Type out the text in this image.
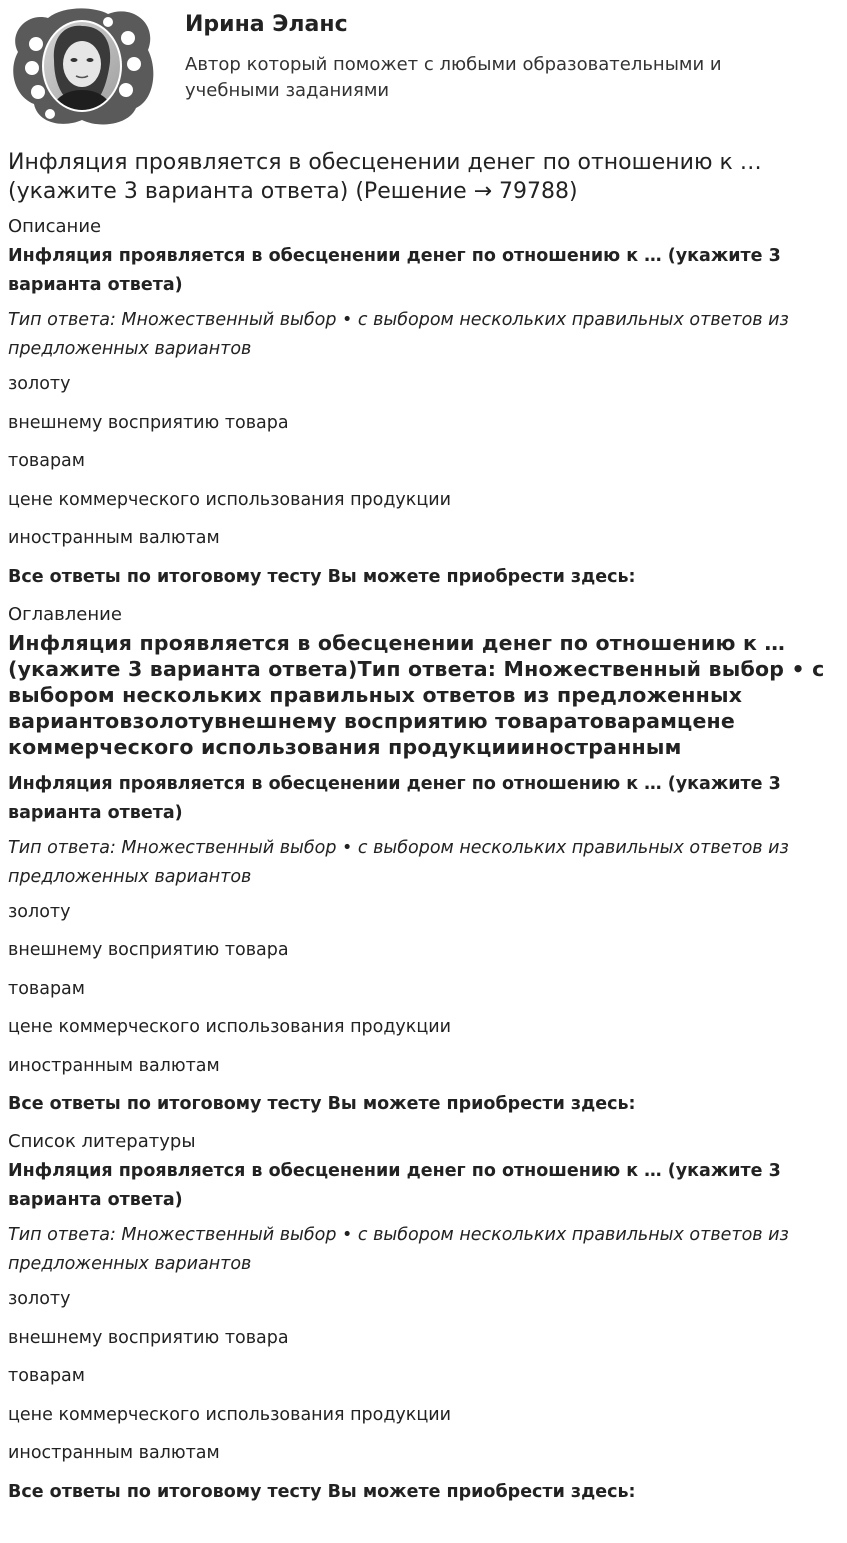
Ирина Эланс

Автор который поможет с любыми образовательными и учебными заданиями

Инфляция проявляется в обесценении денег по отношению к … (укажите 3 варианта ответа) (Решение → 79788)
Описание

Инфляция проявляется в обесценении денег по отношению к … (укажите 3 варианта ответа)

Тип ответа: Множественный выбор • с выбором нескольких правильных ответов из предложенных вариантов

золоту
внешнему восприятию товара
товарам
цене коммерческого использования продукции
иностранным валютам

Все ответы по итоговому тесту Вы можете приобрести здесь:

Оглавление
Инфляция проявляется в обесценении денег по отношению к … (укажите 3 варианта ответа)Тип ответа: Множественный выбор • с выбором нескольких правильных ответов из предложенных вариантовзолотувнешнему восприятию товаратоварамцене коммерческого использования продукциииностранным

Инфляция проявляется в обесценении денег по отношению к … (укажите 3 варианта ответа)

Тип ответа: Множественный выбор • с выбором нескольких правильных ответов из предложенных вариантов

золоту
внешнему восприятию товара
товарам
цене коммерческого использования продукции
иностранным валютам

Все ответы по итоговому тесту Вы можете приобрести здесь:

Список литературы

Инфляция проявляется в обесценении денег по отношению к … (укажите 3 варианта ответа)

Тип ответа: Множественный выбор • с выбором нескольких правильных ответов из предложенных вариантов

золоту
внешнему восприятию товара
товарам
цене коммерческого использования продукции
иностранным валютам

Все ответы по итоговому тесту Вы можете приобрести здесь:
